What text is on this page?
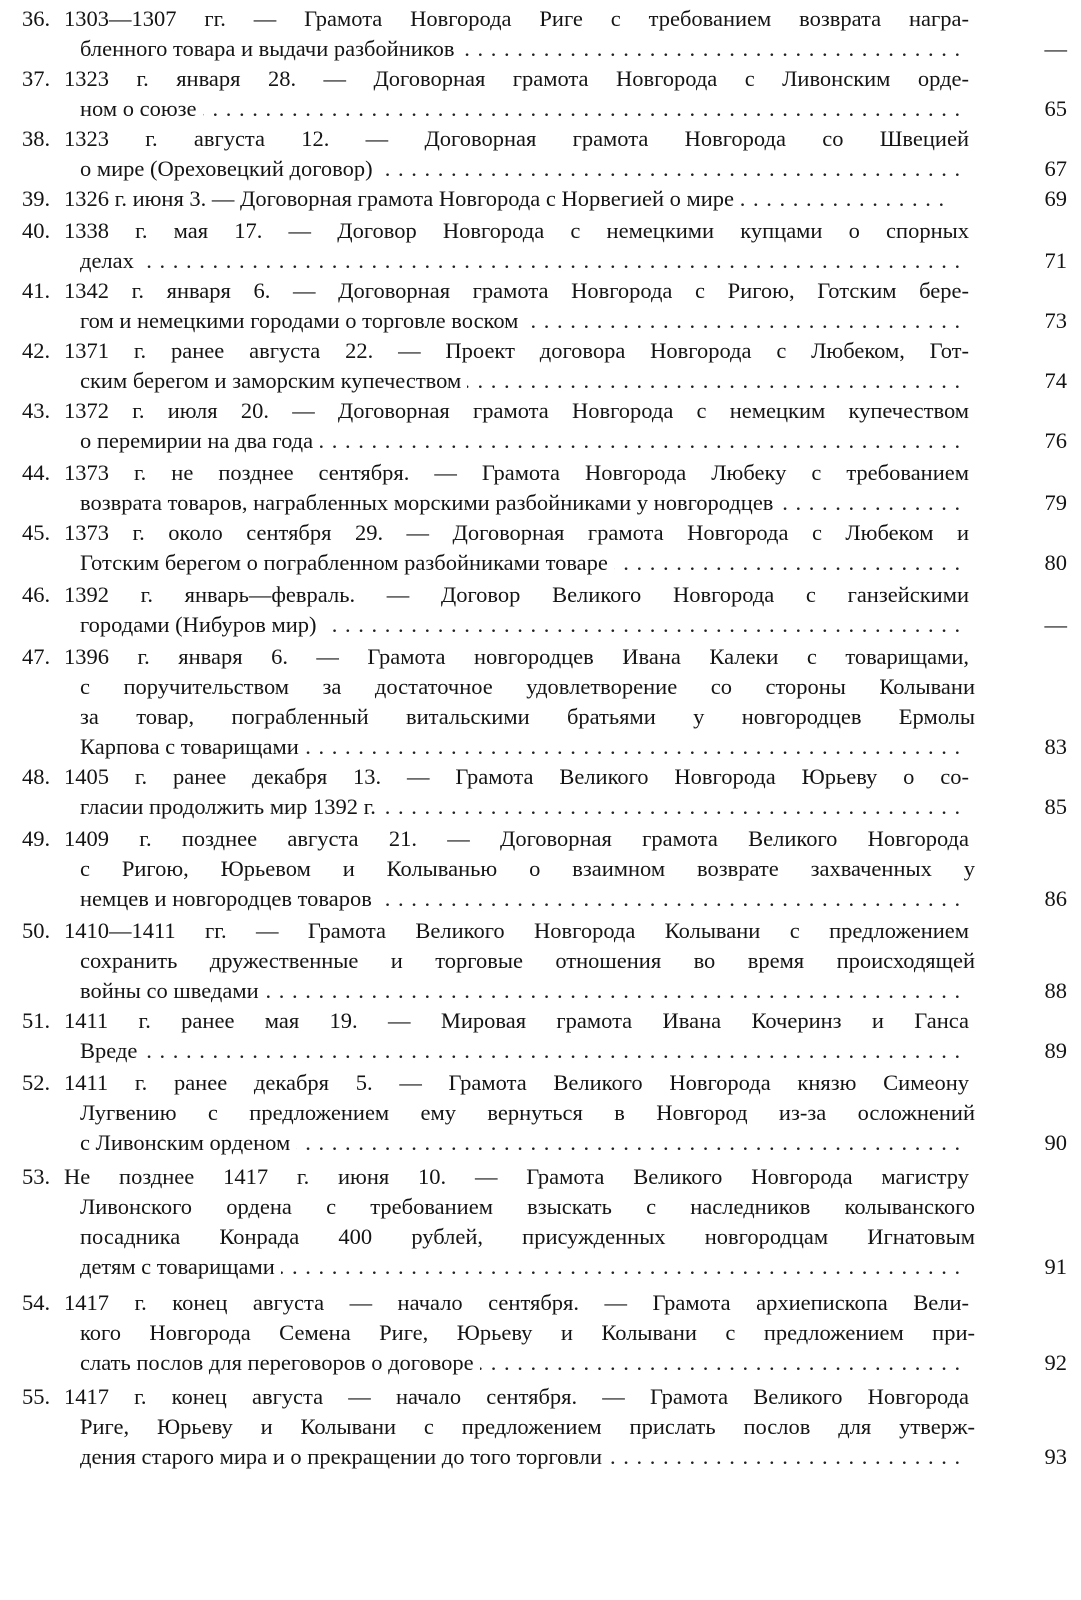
36. 1303—1307 гг. — Грамота Новгорода Риге с требованием возврата награ-
бленного товара и выдачи разбойников . . .	—
37. 1323 г. января 28. — Договорная грамота Новгорода с Ливонским орде-
ном о союзе . . .	65
38. 1323 г. августа 12. — Договорная грамота Новгорода со Швецией
о мире (Ореховецкий договор) . . .	67
39. 1326 г. июня 3. — Договорная грамота Новгорода с Норвегией о мире . . .	69
40. 1338 г. мая 17. — Договор Новгорода с немецкими купцами о спорных
делах . . .	71
41. 1342 г. января 6. — Договорная грамота Новгорода с Ригою, Готским бере-
гом и немецкими городами о торговле воском . . .	73
42. 1371 г. ранее августа 22. — Проект договора Новгорода с Любеком, Гот-
ским берегом и заморским купечеством . . .	74
43. 1372 г. июля 20. — Договорная грамота Новгорода с немецким купечеством
о перемирии на два года . . .	76
44. 1373 г. не позднее сентября. — Грамота Новгорода Любеку с требованием
возврата товаров, награбленных морскими разбойниками у новгородцев . . .	79
45. 1373 г. около сентября 29. — Договорная грамота Новгорода с Любеком и
Готским берегом о пограбленном разбойниками товаре . . .	80
46. 1392 г. январь—февраль. — Договор Великого Новгорода с ганзейскими
городами (Нибуров мир) . . .	—
47. 1396 г. января 6. — Грамота новгородцев Ивана Калеки с товарищами,
с поручительством за достаточное удовлетворение со стороны Колывани
за товар, пограбленный витальскими братьями у новгородцев Ермолы
Карпова с товарищами . . .	83
48. 1405 г. ранее декабря 13. — Грамота Великого Новгорода Юрьеву о со-
гласии продолжить мир 1392 г. . . .	85
49. 1409 г. позднее августа 21. — Договорная грамота Великого Новгорода
с Ригою, Юрьевом и Колыванью о взаимном возврате захваченных у
немцев и новгородцев товаров . . .	86
50. 1410—1411 гг. — Грамота Великого Новгорода Колывани с предложением
сохранить дружественные и торговые отношения во время происходящей
войны со шведами . . .	88
51. 1411 г. ранее мая 19. — Мировая грамота Ивана Кочеринз и Ганса
Вреде . . .	89
52. 1411 г. ранее декабря 5. — Грамота Великого Новгорода князю Симеону
Лугвению с предложением ему вернуться в Новгород из-за осложнений
с Ливонским орденом . . .	90
53. Не позднее 1417 г. июня 10. — Грамота Великого Новгорода магистру
Ливонского ордена с требованием взыскать с наследников колыванского
посадника Конрада 400 рублей, присужденных новгородцам Игнатовым
детям с товарищами . . .	91
54. 1417 г. конец августа — начало сентября. — Грамота архиепископа Вели-
кого Новгорода Семена Риге, Юрьеву и Колывани с предложением при-
слать послов для переговоров о договоре . . .	92
55. 1417 г. конец августа — начало сентября. — Грамота Великого Новгорода
Риге, Юрьеву и Колывани с предложением прислать послов для утверж-
дения старого мира и о прекращении до того торговли . . .	93
